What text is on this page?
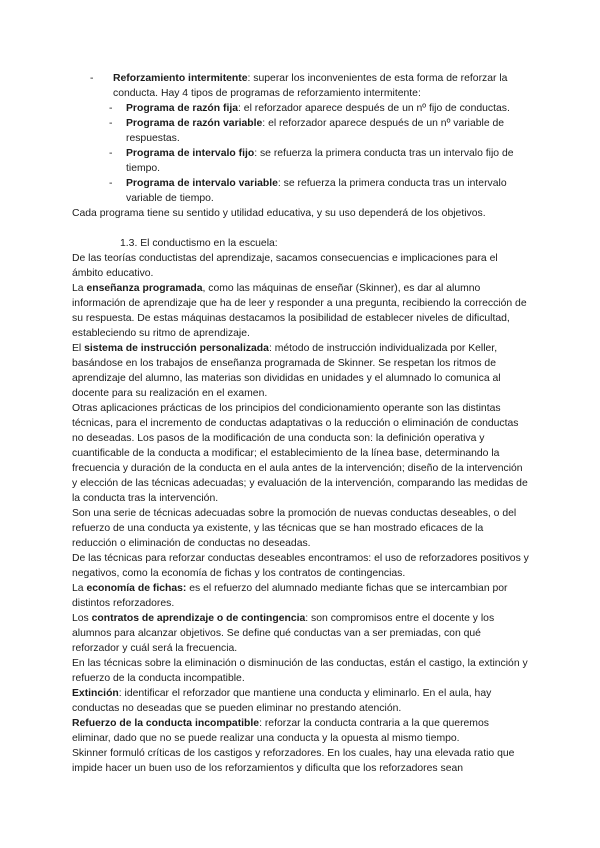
- Reforzamiento intermitente: superar los inconvenientes de esta forma de reforzar la conducta. Hay 4 tipos de programas de reforzamiento intermitente:
- Programa de razón fija: el reforzador aparece después de un nº fijo de conductas.
- Programa de razón variable: el reforzador aparece después de un nº variable de respuestas.
- Programa de intervalo fijo: se refuerza la primera conducta tras un intervalo fijo de tiempo.
- Programa de intervalo variable: se refuerza la primera conducta tras un intervalo variable de tiempo.

Cada programa tiene su sentido y utilidad educativa, y su uso dependerá de los objetivos.

1.3. El conductismo en la escuela:

De las teorías conductistas del aprendizaje, sacamos consecuencias e implicaciones para el ámbito educativo.

La enseñanza programada, como las máquinas de enseñar (Skinner), es dar al alumno información de aprendizaje que ha de leer y responder a una pregunta, recibiendo la corrección de su respuesta. De estas máquinas destacamos la posibilidad de establecer niveles de dificultad, estableciendo su ritmo de aprendizaje.

El sistema de instrucción personalizada: método de instrucción individualizada por Keller, basándose en los trabajos de enseñanza programada de Skinner. Se respetan los ritmos de aprendizaje del alumno, las materias son divididas en unidades y el alumnado lo comunica al docente para su realización en el examen.

Otras aplicaciones prácticas de los principios del condicionamiento operante son las distintas técnicas, para el incremento de conductas adaptativas o la reducción o eliminación de conductas no deseadas. Los pasos de la modificación de una conducta son: la definición operativa y cuantificable de la conducta a modificar; el establecimiento de la línea base, determinando la frecuencia y duración de la conducta en el aula antes de la intervención; diseño de la intervención y elección de las técnicas adecuadas; y evaluación de la intervención, comparando las medidas de la conducta tras la intervención.

Son una serie de técnicas adecuadas sobre la promoción de nuevas conductas deseables, o del refuerzo de una conducta ya existente, y las técnicas que se han mostrado eficaces de la reducción o eliminación de conductas no deseadas.

De las técnicas para reforzar conductas deseables encontramos: el uso de reforzadores positivos y negativos, como la economía de fichas y los contratos de contingencias.

La economía de fichas: es el refuerzo del alumnado mediante fichas que se intercambian por distintos reforzadores.

Los contratos de aprendizaje o de contingencia: son compromisos entre el docente y los alumnos para alcanzar objetivos. Se define qué conductas van a ser premiadas, con qué reforzador y cuál será la frecuencia.

En las técnicas sobre la eliminación o disminución de las conductas, están el castigo, la extinción y refuerzo de la conducta incompatible.

Extinción: identificar el reforzador que mantiene una conducta y eliminarlo. En el aula, hay conductas no deseadas que se pueden eliminar no prestando atención.

Refuerzo de la conducta incompatible: reforzar la conducta contraria a la que queremos eliminar, dado que no se puede realizar una conducta y la opuesta al mismo tiempo.

Skinner formuló críticas de los castigos y reforzadores. En los cuales, hay una elevada ratio que impide hacer un buen uso de los reforzamientos y dificulta que los reforzadores sean
